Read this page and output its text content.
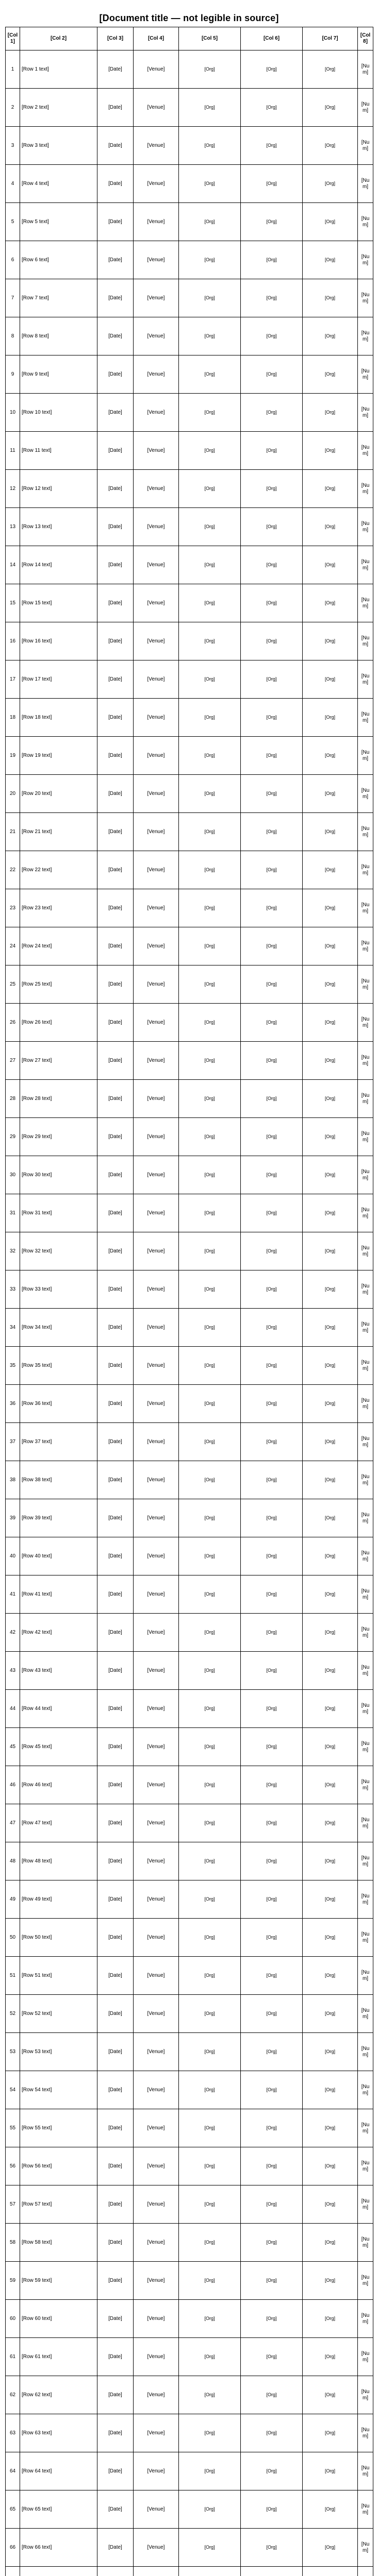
[Document title — not legible in source]
[Col 1]	[Col 2]	[Col 3]	[Col 4]	[Col 5]	[Col 6]	[Col 7]	[Col 8]
1	[Row 1 text]	[Date]	[Venue]	[Org]	[Org]	[Org]	[Num]
2	[Row 2 text]	[Date]	[Venue]	[Org]	[Org]	[Org]	[Num]
3	[Row 3 text]	[Date]	[Venue]	[Org]	[Org]	[Org]	[Num]
4	[Row 4 text]	[Date]	[Venue]	[Org]	[Org]	[Org]	[Num]
5	[Row 5 text]	[Date]	[Venue]	[Org]	[Org]	[Org]	[Num]
6	[Row 6 text]	[Date]	[Venue]	[Org]	[Org]	[Org]	[Num]
7	[Row 7 text]	[Date]	[Venue]	[Org]	[Org]	[Org]	[Num]
8	[Row 8 text]	[Date]	[Venue]	[Org]	[Org]	[Org]	[Num]
9	[Row 9 text]	[Date]	[Venue]	[Org]	[Org]	[Org]	[Num]
10	[Row 10 text]	[Date]	[Venue]	[Org]	[Org]	[Org]	[Num]
11	[Row 11 text]	[Date]	[Venue]	[Org]	[Org]	[Org]	[Num]
12	[Row 12 text]	[Date]	[Venue]	[Org]	[Org]	[Org]	[Num]
13	[Row 13 text]	[Date]	[Venue]	[Org]	[Org]	[Org]	[Num]
14	[Row 14 text]	[Date]	[Venue]	[Org]	[Org]	[Org]	[Num]
15	[Row 15 text]	[Date]	[Venue]	[Org]	[Org]	[Org]	[Num]
16	[Row 16 text]	[Date]	[Venue]	[Org]	[Org]	[Org]	[Num]
17	[Row 17 text]	[Date]	[Venue]	[Org]	[Org]	[Org]	[Num]
18	[Row 18 text]	[Date]	[Venue]	[Org]	[Org]	[Org]	[Num]
19	[Row 19 text]	[Date]	[Venue]	[Org]	[Org]	[Org]	[Num]
20	[Row 20 text]	[Date]	[Venue]	[Org]	[Org]	[Org]	[Num]
21	[Row 21 text]	[Date]	[Venue]	[Org]	[Org]	[Org]	[Num]
22	[Row 22 text]	[Date]	[Venue]	[Org]	[Org]	[Org]	[Num]
23	[Row 23 text]	[Date]	[Venue]	[Org]	[Org]	[Org]	[Num]
24	[Row 24 text]	[Date]	[Venue]	[Org]	[Org]	[Org]	[Num]
25	[Row 25 text]	[Date]	[Venue]	[Org]	[Org]	[Org]	[Num]
26	[Row 26 text]	[Date]	[Venue]	[Org]	[Org]	[Org]	[Num]
27	[Row 27 text]	[Date]	[Venue]	[Org]	[Org]	[Org]	[Num]
28	[Row 28 text]	[Date]	[Venue]	[Org]	[Org]	[Org]	[Num]
29	[Row 29 text]	[Date]	[Venue]	[Org]	[Org]	[Org]	[Num]
30	[Row 30 text]	[Date]	[Venue]	[Org]	[Org]	[Org]	[Num]
31	[Row 31 text]	[Date]	[Venue]	[Org]	[Org]	[Org]	[Num]
32	[Row 32 text]	[Date]	[Venue]	[Org]	[Org]	[Org]	[Num]
33	[Row 33 text]	[Date]	[Venue]	[Org]	[Org]	[Org]	[Num]
34	[Row 34 text]	[Date]	[Venue]	[Org]	[Org]	[Org]	[Num]
35	[Row 35 text]	[Date]	[Venue]	[Org]	[Org]	[Org]	[Num]
36	[Row 36 text]	[Date]	[Venue]	[Org]	[Org]	[Org]	[Num]
37	[Row 37 text]	[Date]	[Venue]	[Org]	[Org]	[Org]	[Num]
38	[Row 38 text]	[Date]	[Venue]	[Org]	[Org]	[Org]	[Num]
39	[Row 39 text]	[Date]	[Venue]	[Org]	[Org]	[Org]	[Num]
40	[Row 40 text]	[Date]	[Venue]	[Org]	[Org]	[Org]	[Num]
41	[Row 41 text]	[Date]	[Venue]	[Org]	[Org]	[Org]	[Num]
42	[Row 42 text]	[Date]	[Venue]	[Org]	[Org]	[Org]	[Num]
43	[Row 43 text]	[Date]	[Venue]	[Org]	[Org]	[Org]	[Num]
44	[Row 44 text]	[Date]	[Venue]	[Org]	[Org]	[Org]	[Num]
45	[Row 45 text]	[Date]	[Venue]	[Org]	[Org]	[Org]	[Num]
46	[Row 46 text]	[Date]	[Venue]	[Org]	[Org]	[Org]	[Num]
47	[Row 47 text]	[Date]	[Venue]	[Org]	[Org]	[Org]	[Num]
48	[Row 48 text]	[Date]	[Venue]	[Org]	[Org]	[Org]	[Num]
49	[Row 49 text]	[Date]	[Venue]	[Org]	[Org]	[Org]	[Num]
50	[Row 50 text]	[Date]	[Venue]	[Org]	[Org]	[Org]	[Num]
51	[Row 51 text]	[Date]	[Venue]	[Org]	[Org]	[Org]	[Num]
52	[Row 52 text]	[Date]	[Venue]	[Org]	[Org]	[Org]	[Num]
53	[Row 53 text]	[Date]	[Venue]	[Org]	[Org]	[Org]	[Num]
54	[Row 54 text]	[Date]	[Venue]	[Org]	[Org]	[Org]	[Num]
55	[Row 55 text]	[Date]	[Venue]	[Org]	[Org]	[Org]	[Num]
56	[Row 56 text]	[Date]	[Venue]	[Org]	[Org]	[Org]	[Num]
57	[Row 57 text]	[Date]	[Venue]	[Org]	[Org]	[Org]	[Num]
58	[Row 58 text]	[Date]	[Venue]	[Org]	[Org]	[Org]	[Num]
59	[Row 59 text]	[Date]	[Venue]	[Org]	[Org]	[Org]	[Num]
60	[Row 60 text]	[Date]	[Venue]	[Org]	[Org]	[Org]	[Num]
61	[Row 61 text]	[Date]	[Venue]	[Org]	[Org]	[Org]	[Num]
62	[Row 62 text]	[Date]	[Venue]	[Org]	[Org]	[Org]	[Num]
63	[Row 63 text]	[Date]	[Venue]	[Org]	[Org]	[Org]	[Num]
64	[Row 64 text]	[Date]	[Venue]	[Org]	[Org]	[Org]	[Num]
65	[Row 65 text]	[Date]	[Venue]	[Org]	[Org]	[Org]	[Num]
66	[Row 66 text]	[Date]	[Venue]	[Org]	[Org]	[Org]	[Num]
